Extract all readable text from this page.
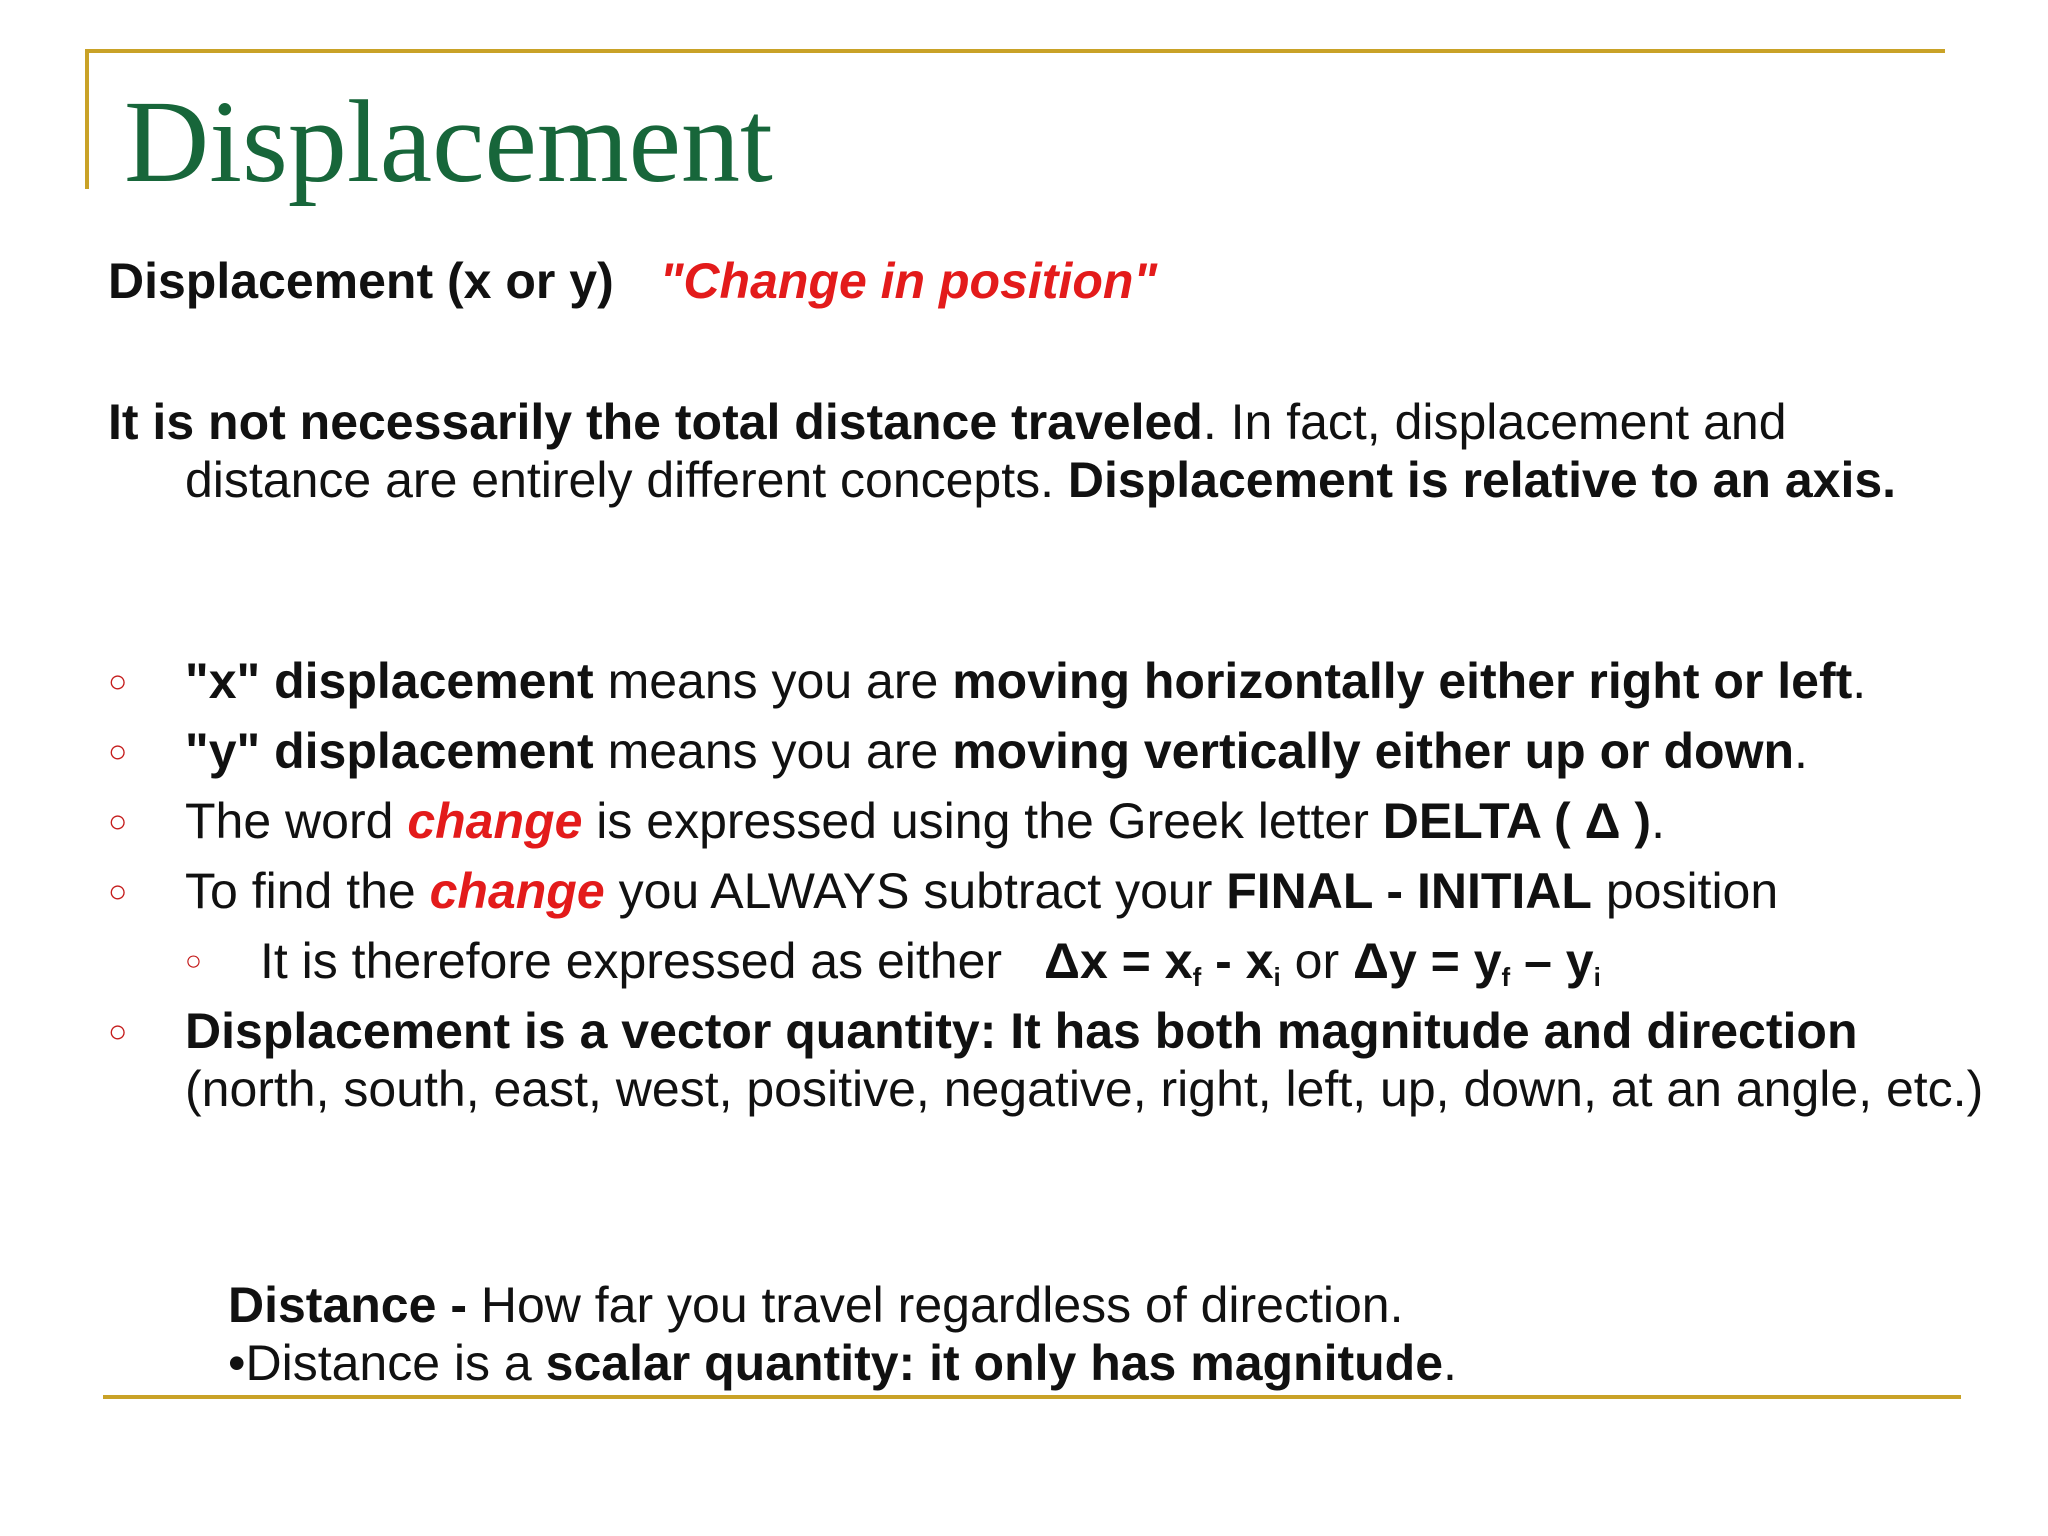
Displacement

Displacement (x or y) "Change in position"

It is not necessarily the total distance traveled. In fact, displacement and distance are entirely different concepts. Displacement is relative to an axis.

○ "x" displacement means you are moving horizontally either right or left.
○ "y" displacement means you are moving vertically either up or down.
○ The word change is expressed using the Greek letter DELTA ( Δ ).
○ To find the change you ALWAYS subtract your FINAL - INITIAL position
○ It is therefore expressed as either $\Delta x = x_f - x_i$ or $\Delta y = y_f - y_i$
○ Displacement is a vector quantity: It has both magnitude and direction (north, south, east, west, positive, negative, right, left, up, down, at an angle, etc.)

Distance - How far you travel regardless of direction.
•Distance is a scalar quantity: it only has magnitude.
